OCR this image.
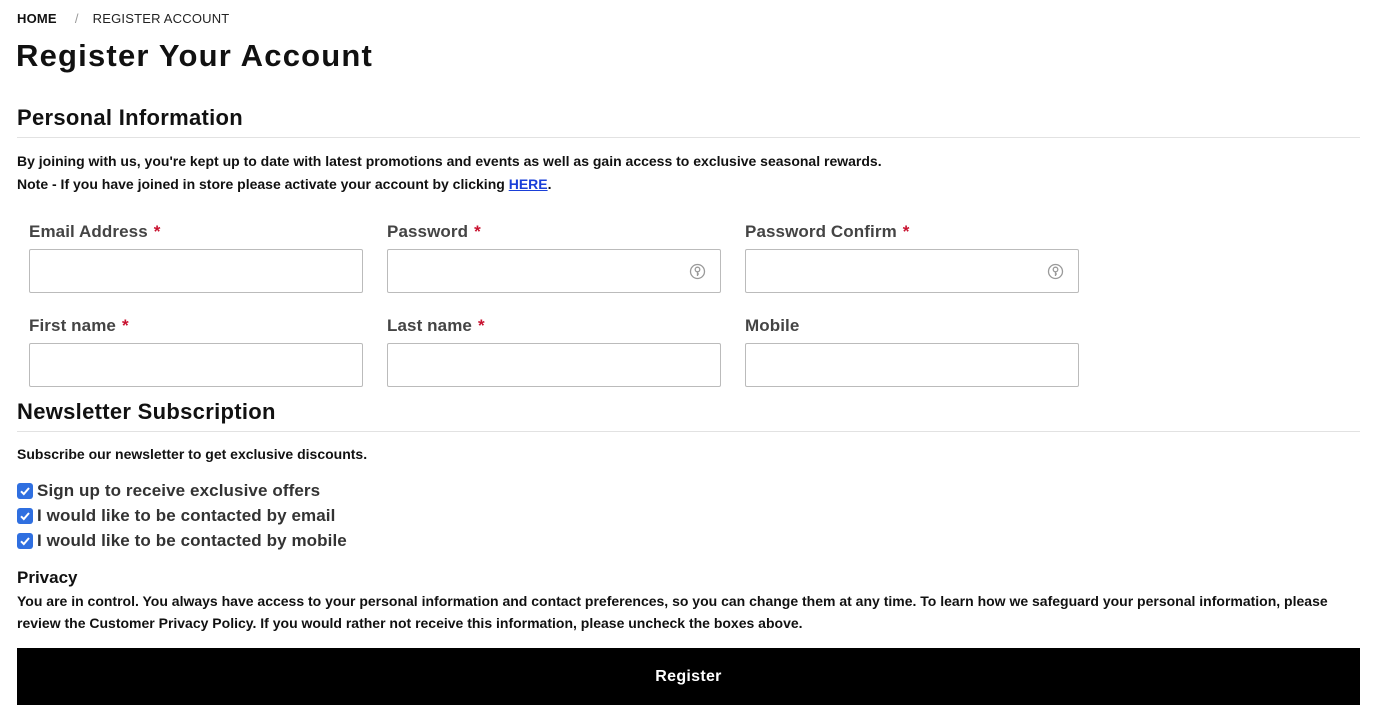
HOME / REGISTER ACCOUNT
Register Your Account
Personal Information
By joining with us, you're kept up to date with latest promotions and events as well as gain access to exclusive seasonal rewards.
Note - If you have joined in store please activate your account by clicking HERE.
Email Address *	Password *	Password Confirm *
First name *	Last name *	Mobile
Newsletter Subscription
Subscribe our newsletter to get exclusive discounts.
Sign up to receive exclusive offers
I would like to be contacted by email
I would like to be contacted by mobile
Privacy
You are in control. You always have access to your personal information and contact preferences, so you can change them at any time. To learn how we safeguard your personal information, please review the Customer Privacy Policy. If you would rather not receive this information, please uncheck the boxes above.
Register
